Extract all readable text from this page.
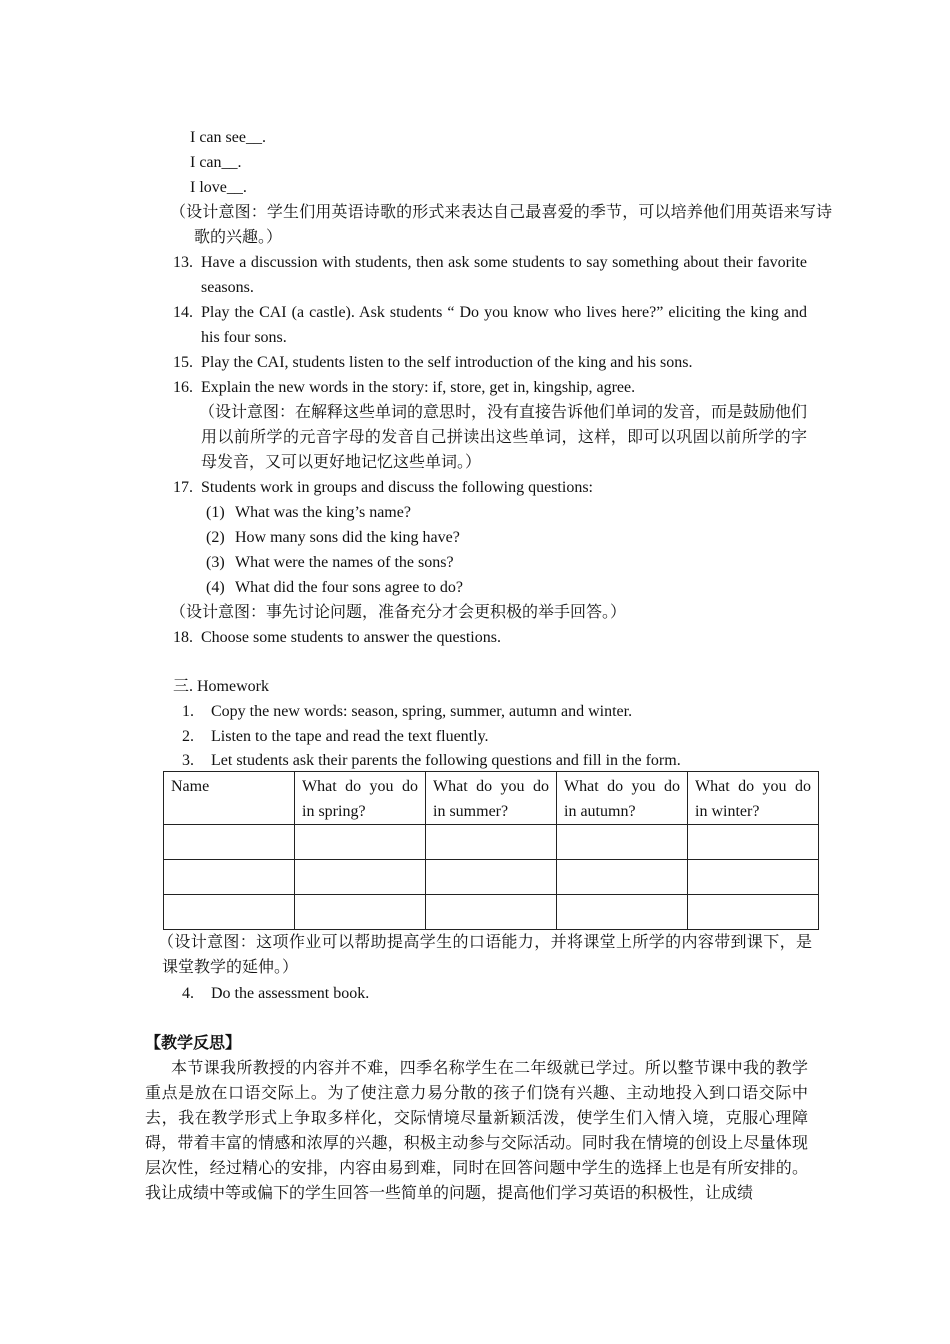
I can see__.
I can__.
I love__.
（设计意图：学生们用英语诗歌的形式来表达自己最喜爱的季节，可以培养他们用英语来写诗歌的兴趣。）
13. Have a discussion with students, then ask some students to say something about their favorite seasons.
14. Play the CAI (a castle). Ask students “ Do you know who lives here?” eliciting the king and his four sons.
15. Play the CAI, students listen to the self introduction of the king and his sons.
16. Explain the new words in the story: if, store, get in, kingship, agree.
（设计意图：在解释这些单词的意思时，没有直接告诉他们单词的发音，而是鼓励他们用以前所学的元音字母的发音自己拼读出这些单词，这样，即可以巩固以前所学的字母发音，又可以更好地记忆这些单词。）
17. Students work in groups and discuss the following questions:
(1) What was the king’s name?
(2) How many sons did the king have?
(3) What were the names of the sons?
(4) What did the four sons agree to do?
（设计意图：事先讨论问题，准备充分才会更积极的举手回答。）
18. Choose some students to answer the questions.
三. Homework
1. Copy the new words: season, spring, summer, autumn and winter.
2. Listen to the tape and read the text fluently.
3. Let students ask their parents the following questions and fill in the form.
Name	What do you do in spring?	What do you do in summer?	What do you do in autumn?	What do you do in winter?

（设计意图：这项作业可以帮助提高学生的口语能力，并将课堂上所学的内容带到课下，是课堂教学的延伸。）
4. Do the assessment book.
【教学反思】
本节课我所教授的内容并不难，四季名称学生在二年级就已学过。所以整节课中我的教学重点是放在口语交际上。为了使注意力易分散的孩子们饶有兴趣、主动地投入到口语交际中去，我在教学形式上争取多样化，交际情境尽量新颖活泼，使学生们入情入境，克服心理障碍，带着丰富的情感和浓厚的兴趣，积极主动参与交际活动。同时我在情境的创设上尽量体现层次性，经过精心的安排，内容由易到难，同时在回答问题中学生的选择上也是有所安排的。我让成绩中等或偏下的学生回答一些简单的问题，提高他们学习英语的积极性，让成绩
